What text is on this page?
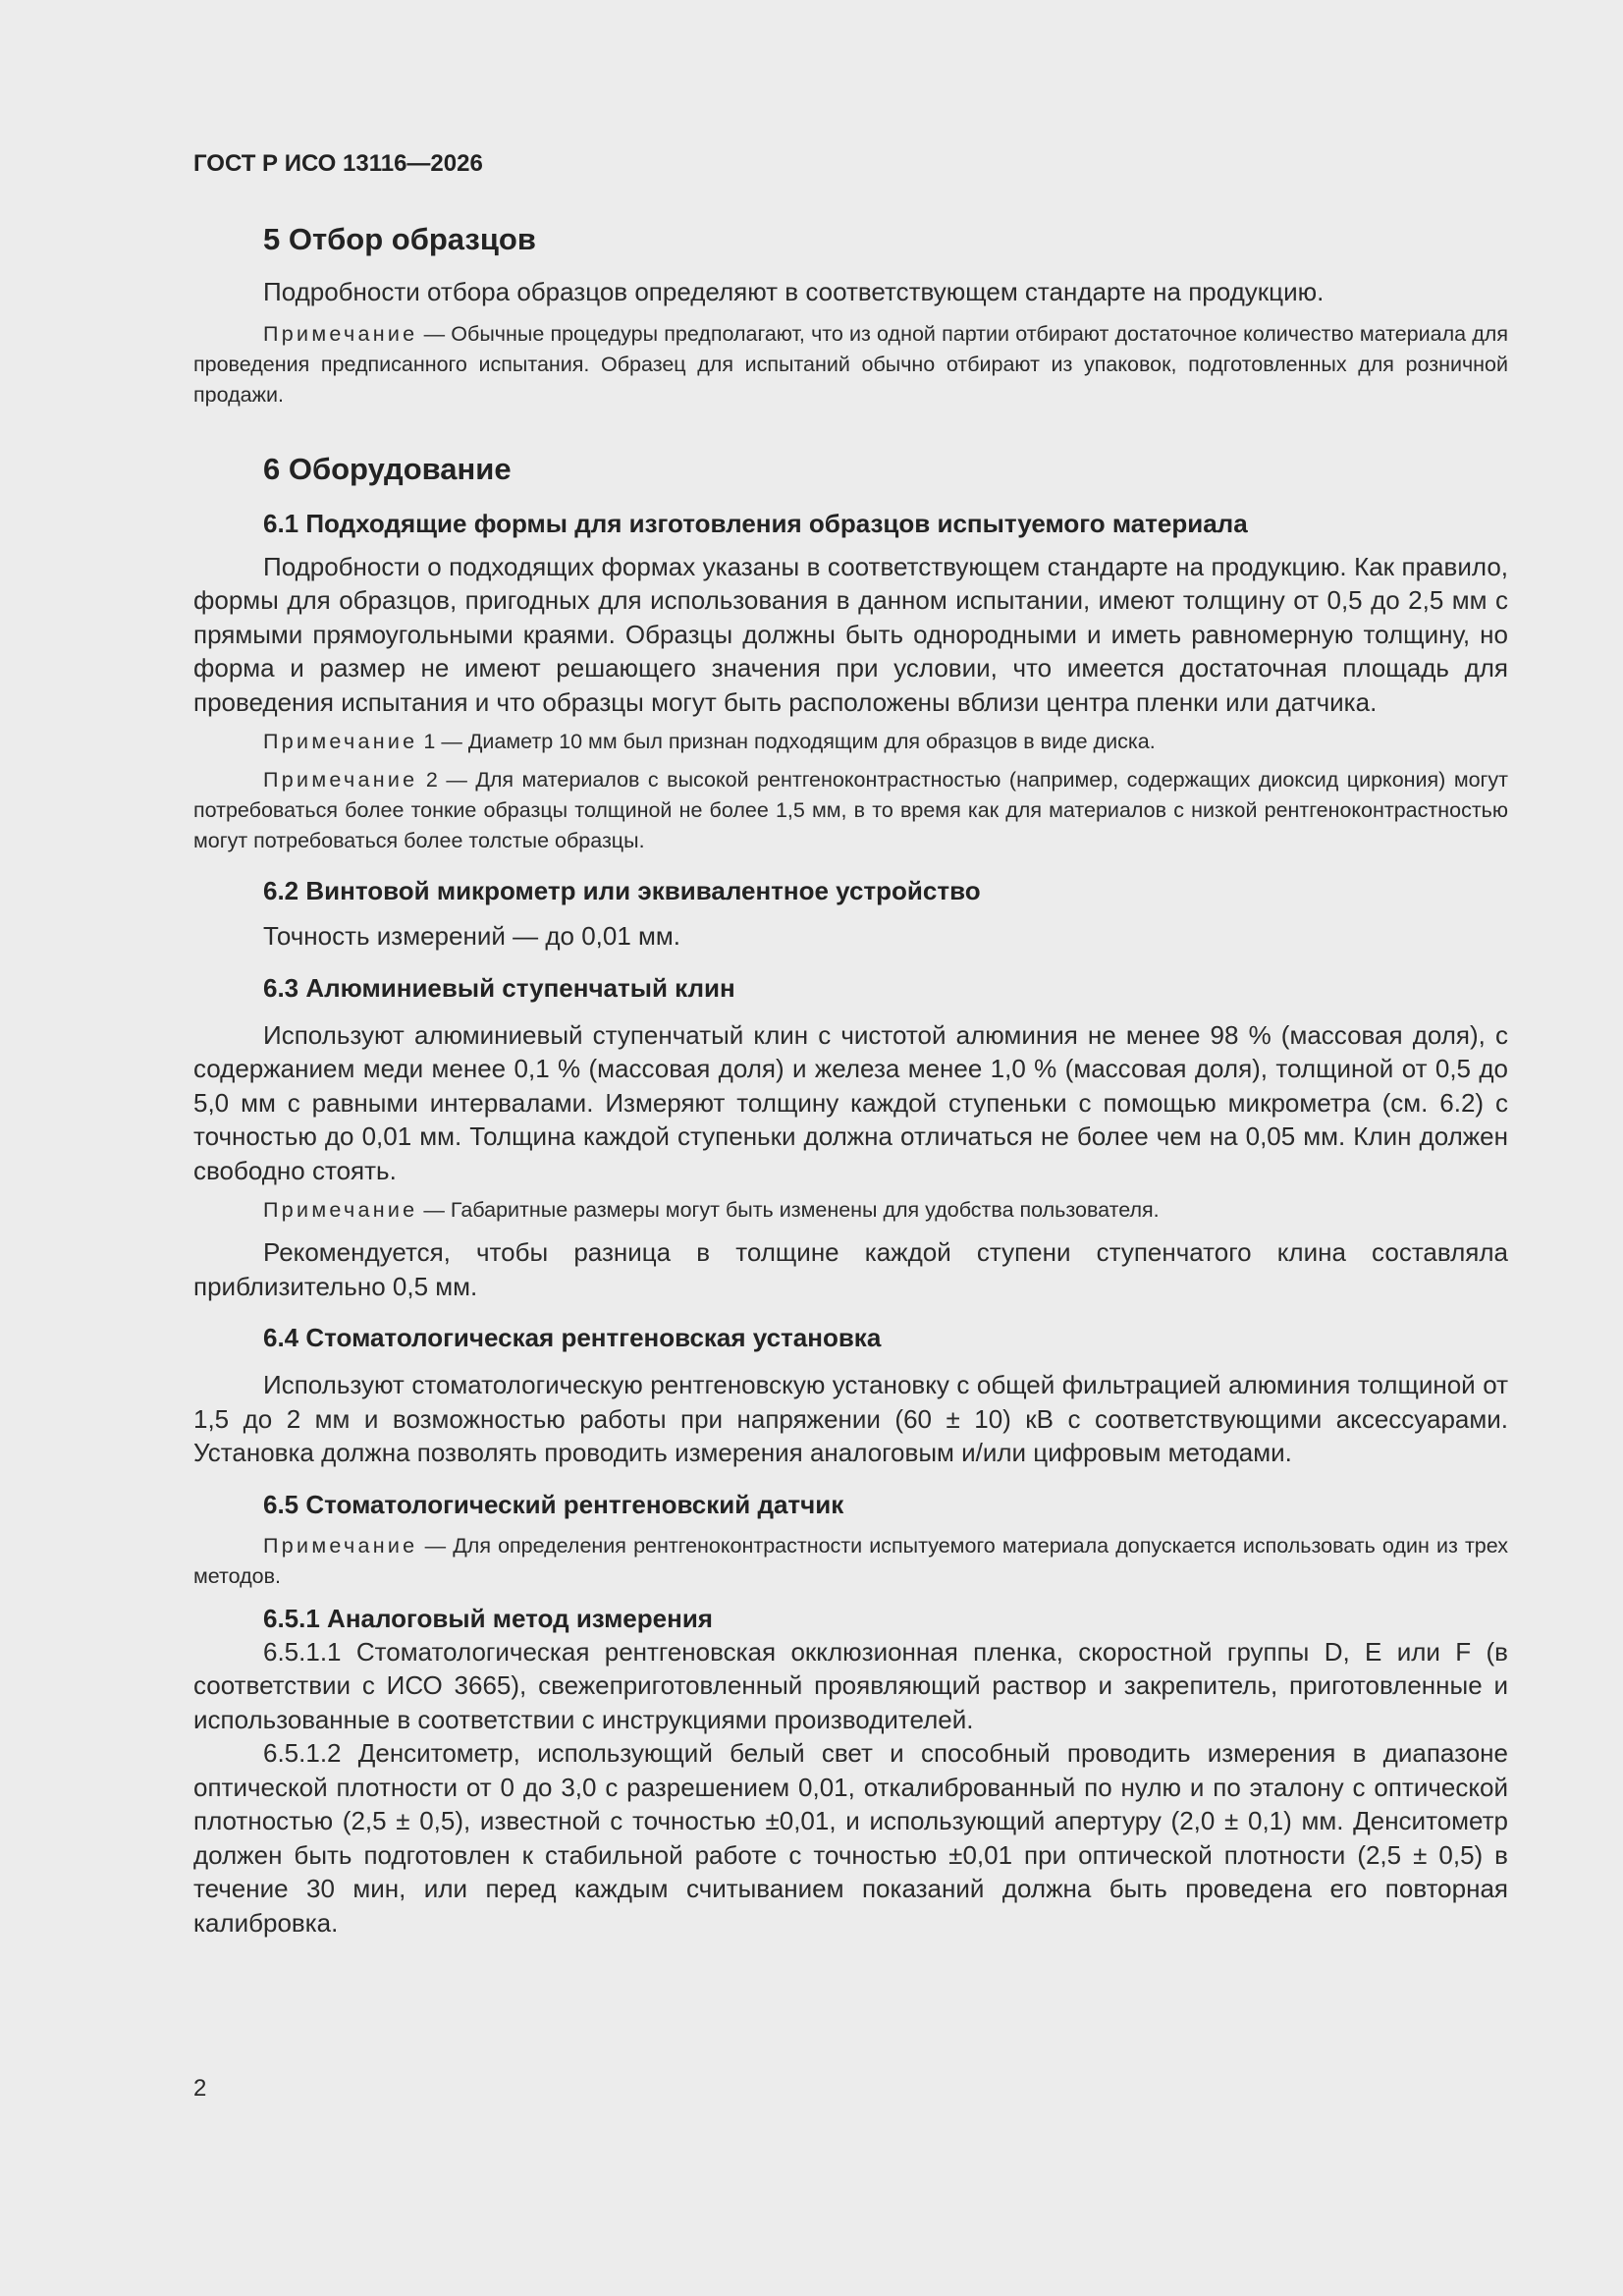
ГОСТ Р ИСО 13116—2026
5 Отбор образцов

Подробности отбора образцов определяют в соответствующем стандарте на продукцию.

Примечание — Обычные процедуры предполагают, что из одной партии отбирают достаточное количество материала для проведения предписанного испытания. Образец для испытаний обычно отбирают из упаковок, подготовленных для розничной продажи.

6 Оборудование
6.1 Подходящие формы для изготовления образцов испытуемого материала

Подробности о подходящих формах указаны в соответствующем стандарте на продукцию. Как правило, формы для образцов, пригодных для использования в данном испытании, имеют толщину от 0,5 до 2,5 мм с прямыми прямоугольными краями. Образцы должны быть однородными и иметь равномерную толщину, но форма и размер не имеют решающего значения при условии, что имеется достаточная площадь для проведения испытания и что образцы могут быть расположены вблизи центра пленки или датчика.

Примечание 1 — Диаметр 10 мм был признан подходящим для образцов в виде диска.

Примечание 2 — Для материалов с высокой рентгеноконтрастностью (например, содержащих диоксид циркония) могут потребоваться более тонкие образцы толщиной не более 1,5 мм, в то время как для материалов с низкой рентгеноконтрастностью могут потребоваться более толстые образцы.

6.2 Винтовой микрометр или эквивалентное устройство

Точность измерений — до 0,01 мм.

6.3 Алюминиевый ступенчатый клин

Используют алюминиевый ступенчатый клин с чистотой алюминия не менее 98 % (массовая доля), с содержанием меди менее 0,1 % (массовая доля) и железа менее 1,0 % (массовая доля), толщиной от 0,5 до 5,0 мм с равными интервалами. Измеряют толщину каждой ступеньки с помощью микрометра (см. 6.2) с точностью до 0,01 мм. Толщина каждой ступеньки должна отличаться не более чем на 0,05 мм. Клин должен свободно стоять.

Примечание — Габаритные размеры могут быть изменены для удобства пользователя.

Рекомендуется, чтобы разница в толщине каждой ступени ступенчатого клина составляла приблизительно 0,5 мм.

6.4 Стоматологическая рентгеновская установка

Используют стоматологическую рентгеновскую установку с общей фильтрацией алюминия толщиной от 1,5 до 2 мм и возможностью работы при напряжении (60 ± 10) кВ с соответствующими аксессуарами. Установка должна позволять проводить измерения аналоговым и/или цифровым методами.

6.5 Стоматологический рентгеновский датчик

Примечание — Для определения рентгеноконтрастности испытуемого материала допускается использовать один из трех методов.

6.5.1 Аналоговый метод измерения

6.5.1.1 Стоматологическая рентгеновская окклюзионная пленка, скоростной группы D, E или F (в соответствии с ИСО 3665), свежеприготовленный проявляющий раствор и закрепитель, приготовленные и использованные в соответствии с инструкциями производителей.

6.5.1.2 Денситометр, использующий белый свет и способный проводить измерения в диапазоне оптической плотности от 0 до 3,0 с разрешением 0,01, откалиброванный по нулю и по эталону с оптической плотностью (2,5 ± 0,5), известной с точностью ±0,01, и использующий апертуру (2,0 ± 0,1) мм. Денситометр должен быть подготовлен к стабильной работе с точностью ±0,01 при оптической плотности (2,5 ± 0,5) в течение 30 мин, или перед каждым считыванием показаний должна быть проведена его повторная калибровка.

2
